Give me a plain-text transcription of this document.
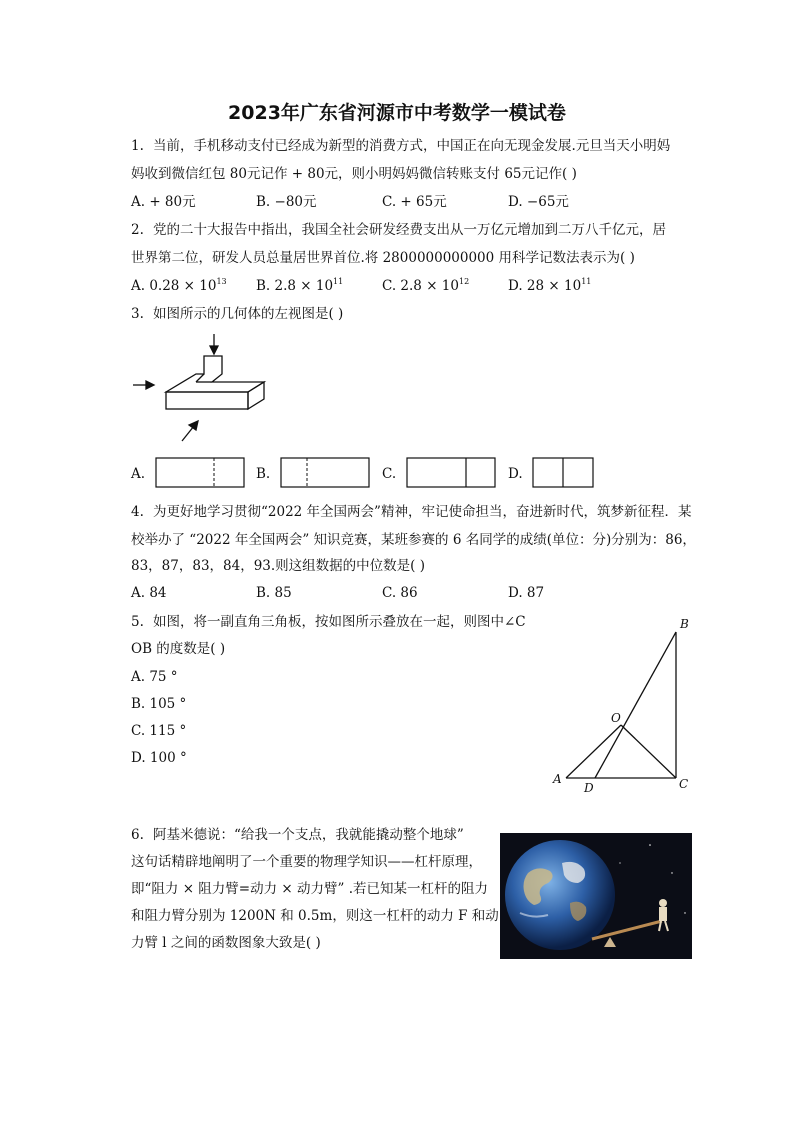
2023年广东省河源市中考数学一模试卷
1. 当前，手机移动支付已经成为新型的消费方式，中国正在向无现金发展.元旦当天小明妈
妈收到微信红包 80元记作 + 80元，则小明妈妈微信转账支付 65元记作( )
A. + 80元	B. −80元	C. + 65元	D. −65元
2. 党的二十大报告中指出，我国全社会研发经费支出从一万亿元增加到二万八千亿元，居
世界第二位，研发人员总量居世界首位.将 2800000000000 用科学记数法表示为( )
A. $0.28 \times 10^{13}$ B. $2.8 \times 10^{11}$	C. $2.8 \times 10^{12}$	D. $28 \times 10^{11}$
3. 如图所示的几何体的左视图是( )
A.	B.	C.	D.
4. 为更好地学习贯彻“2022 年全国两会”精神，牢记使命担当，奋进新时代，筑梦新征程．某
校举办了 “2022 年全国两会” 知识竞赛，某班参赛的 6 名同学的成绩(单位：分)分别为：86，
83，87，83，84，93.则这组数据的中位数是( )
A. 84	B. 85	C. 86	D. 87
5. 如图，将一副直角三角板，按如图所示叠放在一起，则图中∠C
OB 的度数是( )
A. 75 °
B. 105 °
C. 115 °
D. 100 °
B
O
A
D	C
6. 阿基米德说：“给我一个支点，我就能撬动整个地球”
这句话精辟地阐明了一个重要的物理学知识——杠杆原理，
即“阻力 × 阻力臂=动力 × 动力臂” .若已知某一杠杆的阻力
和阻力臂分别为 1200N 和 0.5m，则这一杠杆的动力 F 和动
力臂 l 之间的函数图象大致是( )
